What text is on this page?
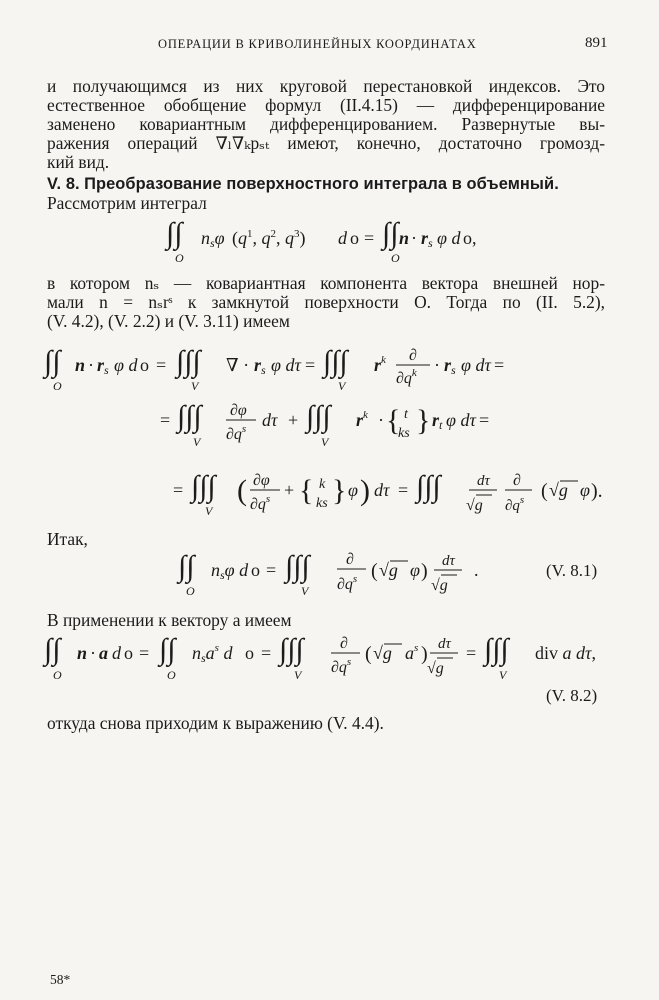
ОПЕРАЦИИ В КРИВОЛИНЕЙНЫХ КООРДИНАТАХ	891
и получающимся из них круговой перестановкой индексов. Это
естественное обобщение формул (II.4.15) — дифференцирование
заменено ковариантным дифференцированием. Развернутые вы-
ражения операций ∇ₗ∇ₖpₛₜ имеют, конечно, достаточно громозд-
кий вид.
V. 8. Преобразование поверхностного интеграла в объемный.
Рассмотрим интеграл
∫∫
O
nsφ ($q^1$, $q^2$, $q^3$) d o = ∫∫
O
n · rs φ d o,
в котором nₛ — ковариантная компонента вектора внешней нор-
мали n = nₛrˢ к замкнутой поверхности O. Тогда по (II. 5.2),
(V. 4.2), (V. 2.2) и (V. 3.11) имеем
∫∫
O
n · rs φ d o = ∫∫∫
V
∇ · rs φ dτ = ∫∫∫
V
$r^k$ ∂
$\partial q^k$ · rs φ dτ =
= ∫∫∫
V
∂φ
$\partial q^s$ dτ + ∫∫∫
V
$r^k$ · { t
ks } rt φ dτ =
= ∫∫∫
V
( ∂φ
$\partial q^s$ + { k
ks } φ ) dτ = ∫∫∫ dτ
√g
∂
$\partial q^s$ ( √g φ ).
Итак,
∫∫
O
nsφ d o = ∫∫∫
V
∂
$\partial q^s$ ( √g φ ) dτ
√g
.	(V. 8.1)
В применении к вектору a имеем
∫∫
O
n · a d o = ∫∫
O
nsa$^s$ d o = ∫∫∫
V
∂
$\partial q^s$ ( √g $a^s$ ) dτ
√g
= ∫∫∫
V
div a dτ,
(V. 8.2)
откуда снова приходим к выражению (V. 4.4).
58*
